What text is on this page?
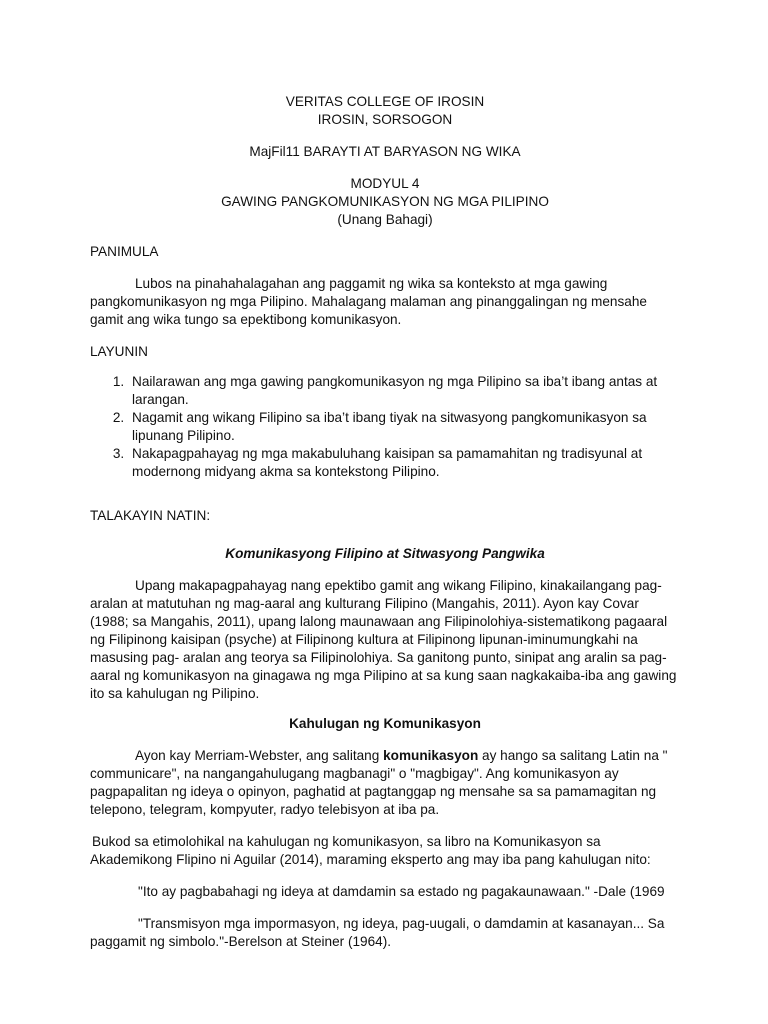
VERITAS COLLEGE OF IROSIN
IROSIN, SORSOGON
MajFil11 BARAYTI AT BARYASON NG WIKA
MODYUL 4
GAWING PANGKOMUNIKASYON NG MGA PILIPINO
(Unang Bahagi)
PANIMULA

Lubos na pinahahalagahan ang paggamit ng wika sa konteksto at mga gawing pangkomunikasyon ng mga Pilipino. Mahalagang malaman ang pinanggalingan ng mensahe gamit ang wika tungo sa epektibong komunikasyon.

LAYUNIN
1. Nailarawan ang mga gawing pangkomunikasyon ng mga Pilipino sa iba’t ibang antas at larangan.
2. Nagamit ang wikang Filipino sa iba’t ibang tiyak na sitwasyong pangkomunikasyon sa lipunang Pilipino.
3. Nakapagpahayag ng mga makabuluhang kaisipan sa pamamahitan ng tradisyunal at modernong midyang akma sa kontekstong Pilipino.
TALAKAYIN NATIN:
Komunikasyong Filipino at Sitwasyong Pangwika

Upang makapagpahayag nang epektibo gamit ang wikang Filipino, kinakailangang pag-aralan at matutuhan ng mag-aaral ang kulturang Filipino (Mangahis, 2011). Ayon kay Covar (1988; sa Mangahis, 2011), upang lalong maunawaan ang Filipinolohiya-sistematikong pagaaral ng Filipinong kaisipan (psyche) at Filipinong kultura at Filipinong lipunan-iminumungkahi na masusing pag- aralan ang teorya sa Filipinolohiya. Sa ganitong punto, sinipat ang aralin sa pag-aaral ng komunikasyon na ginagawa ng mga Pilipino at sa kung saan nagkakaiba-iba ang gawing ito sa kahulugan ng Pilipino.

Kahulugan ng Komunikasyon

Ayon kay Merriam-Webster, ang salitang komunikasyon ay hango sa salitang Latin na " communicare", na nangangahulugang magbanagi" o "magbigay". Ang komunikasyon ay pagpapalitan ng ideya o opinyon, paghatid at pagtanggap ng mensahe sa sa pamamagitan ng telepono, telegram, kompyuter, radyo telebisyon at iba pa.

Bukod sa etimolohikal na kahulugan ng komunikasyon, sa libro na Komunikasyon sa Akademikong Flipino ni Aguilar (2014), maraming eksperto ang may iba pang kahulugan nito:

"Ito ay pagbabahagi ng ideya at damdamin sa estado ng pagakaunawaan." -Dale (1969

"Transmisyon mga impormasyon, ng ideya, pag-uugali, o damdamin at kasanayan... Sa paggamit ng simbolo."-Berelson at Steiner (1964).
